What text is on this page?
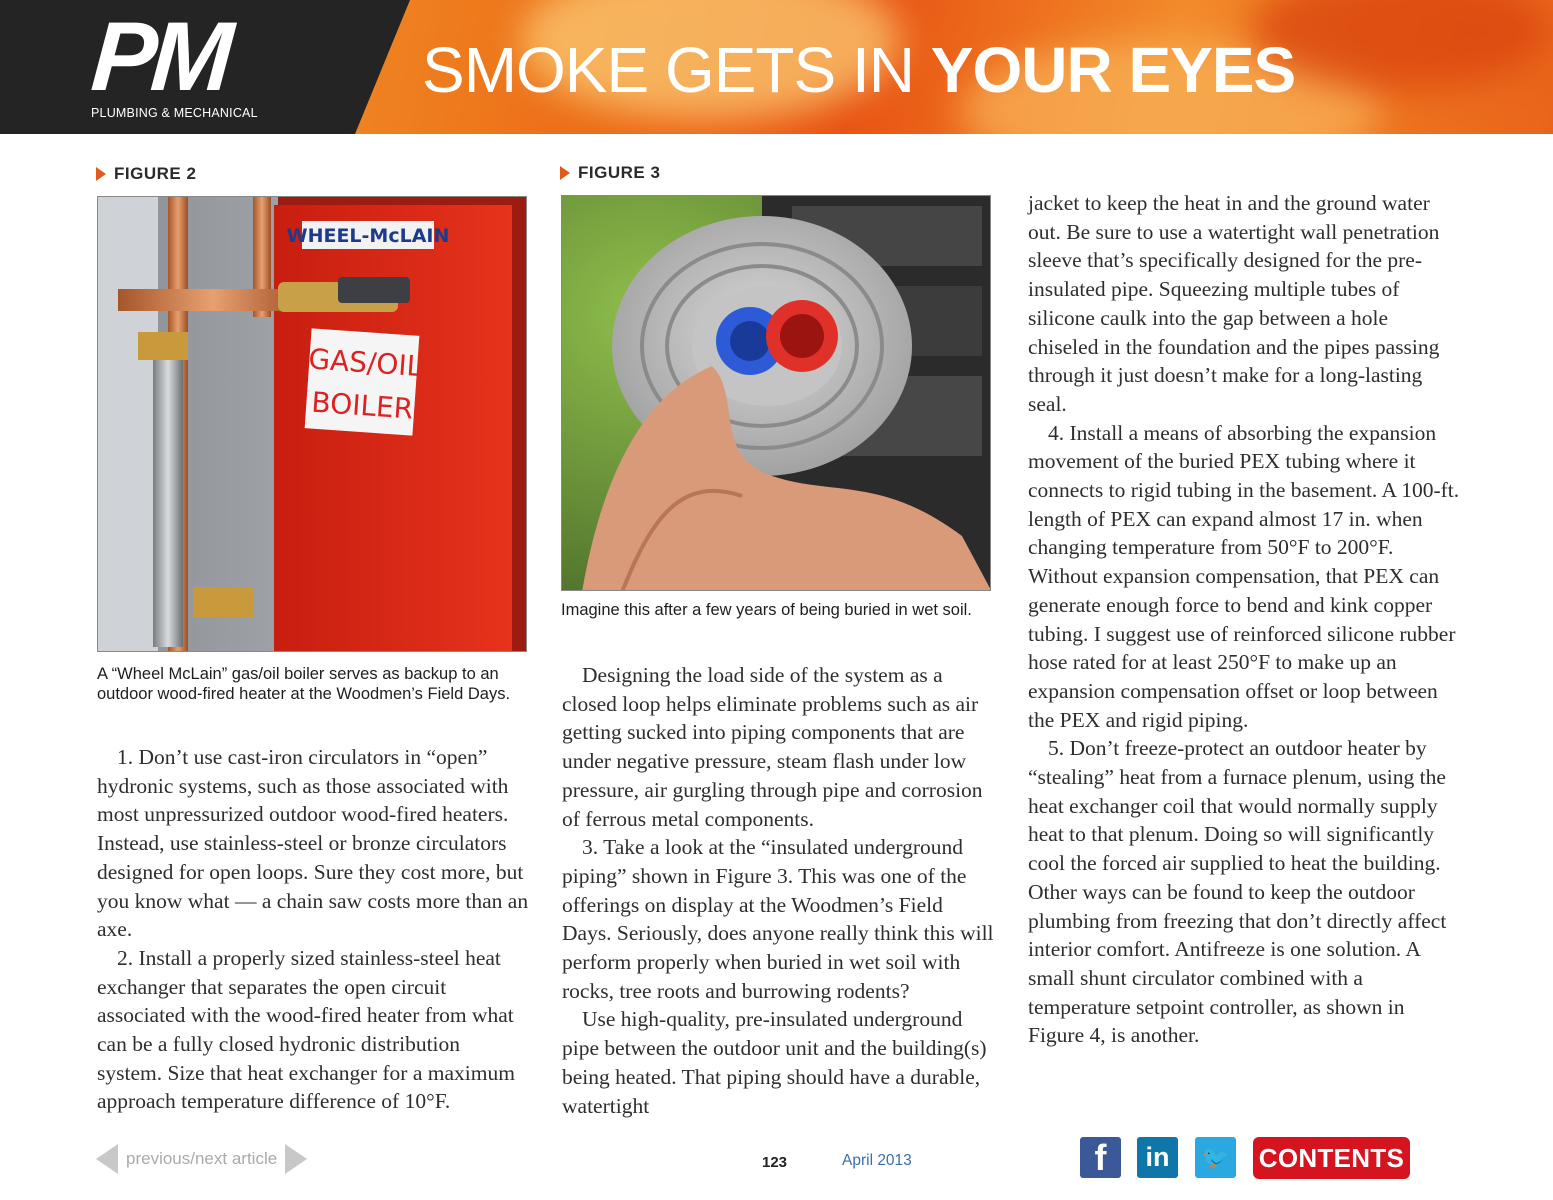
PM
PLUMBING & MECHANICAL
SMOKE GETS IN YOUR EYES
FIGURE 2
WHEEL-McLAIN
GAS/OIL
BOILER
A “Wheel McLain” gas/oil boiler serves as backup to an outdoor wood-fired heater at the Woodmen’s Field Days.
FIGURE 3
Imagine this after a few years of being buried in wet soil.

1. Don’t use cast-iron circulators in “open” hydronic systems, such as those associated with most unpressurized outdoor wood-fired heaters. Instead, use stainless-steel or bronze circulators designed for open loops. Sure they cost more, but you know what — a chain saw costs more than an axe.

2. Install a properly sized stainless-steel heat exchanger that separates the open circuit associated with the wood-fired heater from what can be a fully closed hydronic distribution system. Size that heat exchanger for a maximum approach temperature difference of 10°F.

Designing the load side of the system as a closed loop helps eliminate problems such as air getting sucked into piping components that are under negative pressure, steam flash under low pressure, air gurgling through pipe and corrosion of ferrous metal components.

3. Take a look at the “insulated underground piping” shown in Figure 3. This was one of the offerings on display at the Woodmen’s Field Days. Seriously, does anyone really think this will perform properly when buried in wet soil with rocks, tree roots and burrowing rodents?

Use high-quality, pre-insulated underground pipe between the outdoor unit and the building(s) being heated. That piping should have a durable, watertight

jacket to keep the heat in and the ground water out. Be sure to use a watertight wall penetration sleeve that’s specifically designed for the pre-insulated pipe. Squeezing multiple tubes of silicone caulk into the gap between a hole chiseled in the foundation and the pipes passing through it just doesn’t make for a long-lasting seal.

4. Install a means of absorbing the expansion movement of the buried PEX tubing where it connects to rigid tubing in the basement. A 100-ft. length of PEX can expand almost 17 in. when changing temperature from 50°F to 200°F. Without expansion compensation, that PEX can generate enough force to bend and kink copper tubing. I suggest use of reinforced silicone rubber hose rated for at least 250°F to make up an expansion compensation offset or loop between the PEX and rigid piping.

5. Don’t freeze-protect an outdoor heater by “stealing” heat from a furnace plenum, using the heat exchanger coil that would normally supply heat to that plenum. Doing so will significantly cool the forced air supplied to heat the building. Other ways can be found to keep the outdoor plumbing from freezing that don’t directly affect interior comfort. Antifreeze is one solution. A small shunt circulator combined with a temperature setpoint controller, as shown in Figure 4, is another.

previous/next article	123	April 2013	f in 🐦 CONTENTS
